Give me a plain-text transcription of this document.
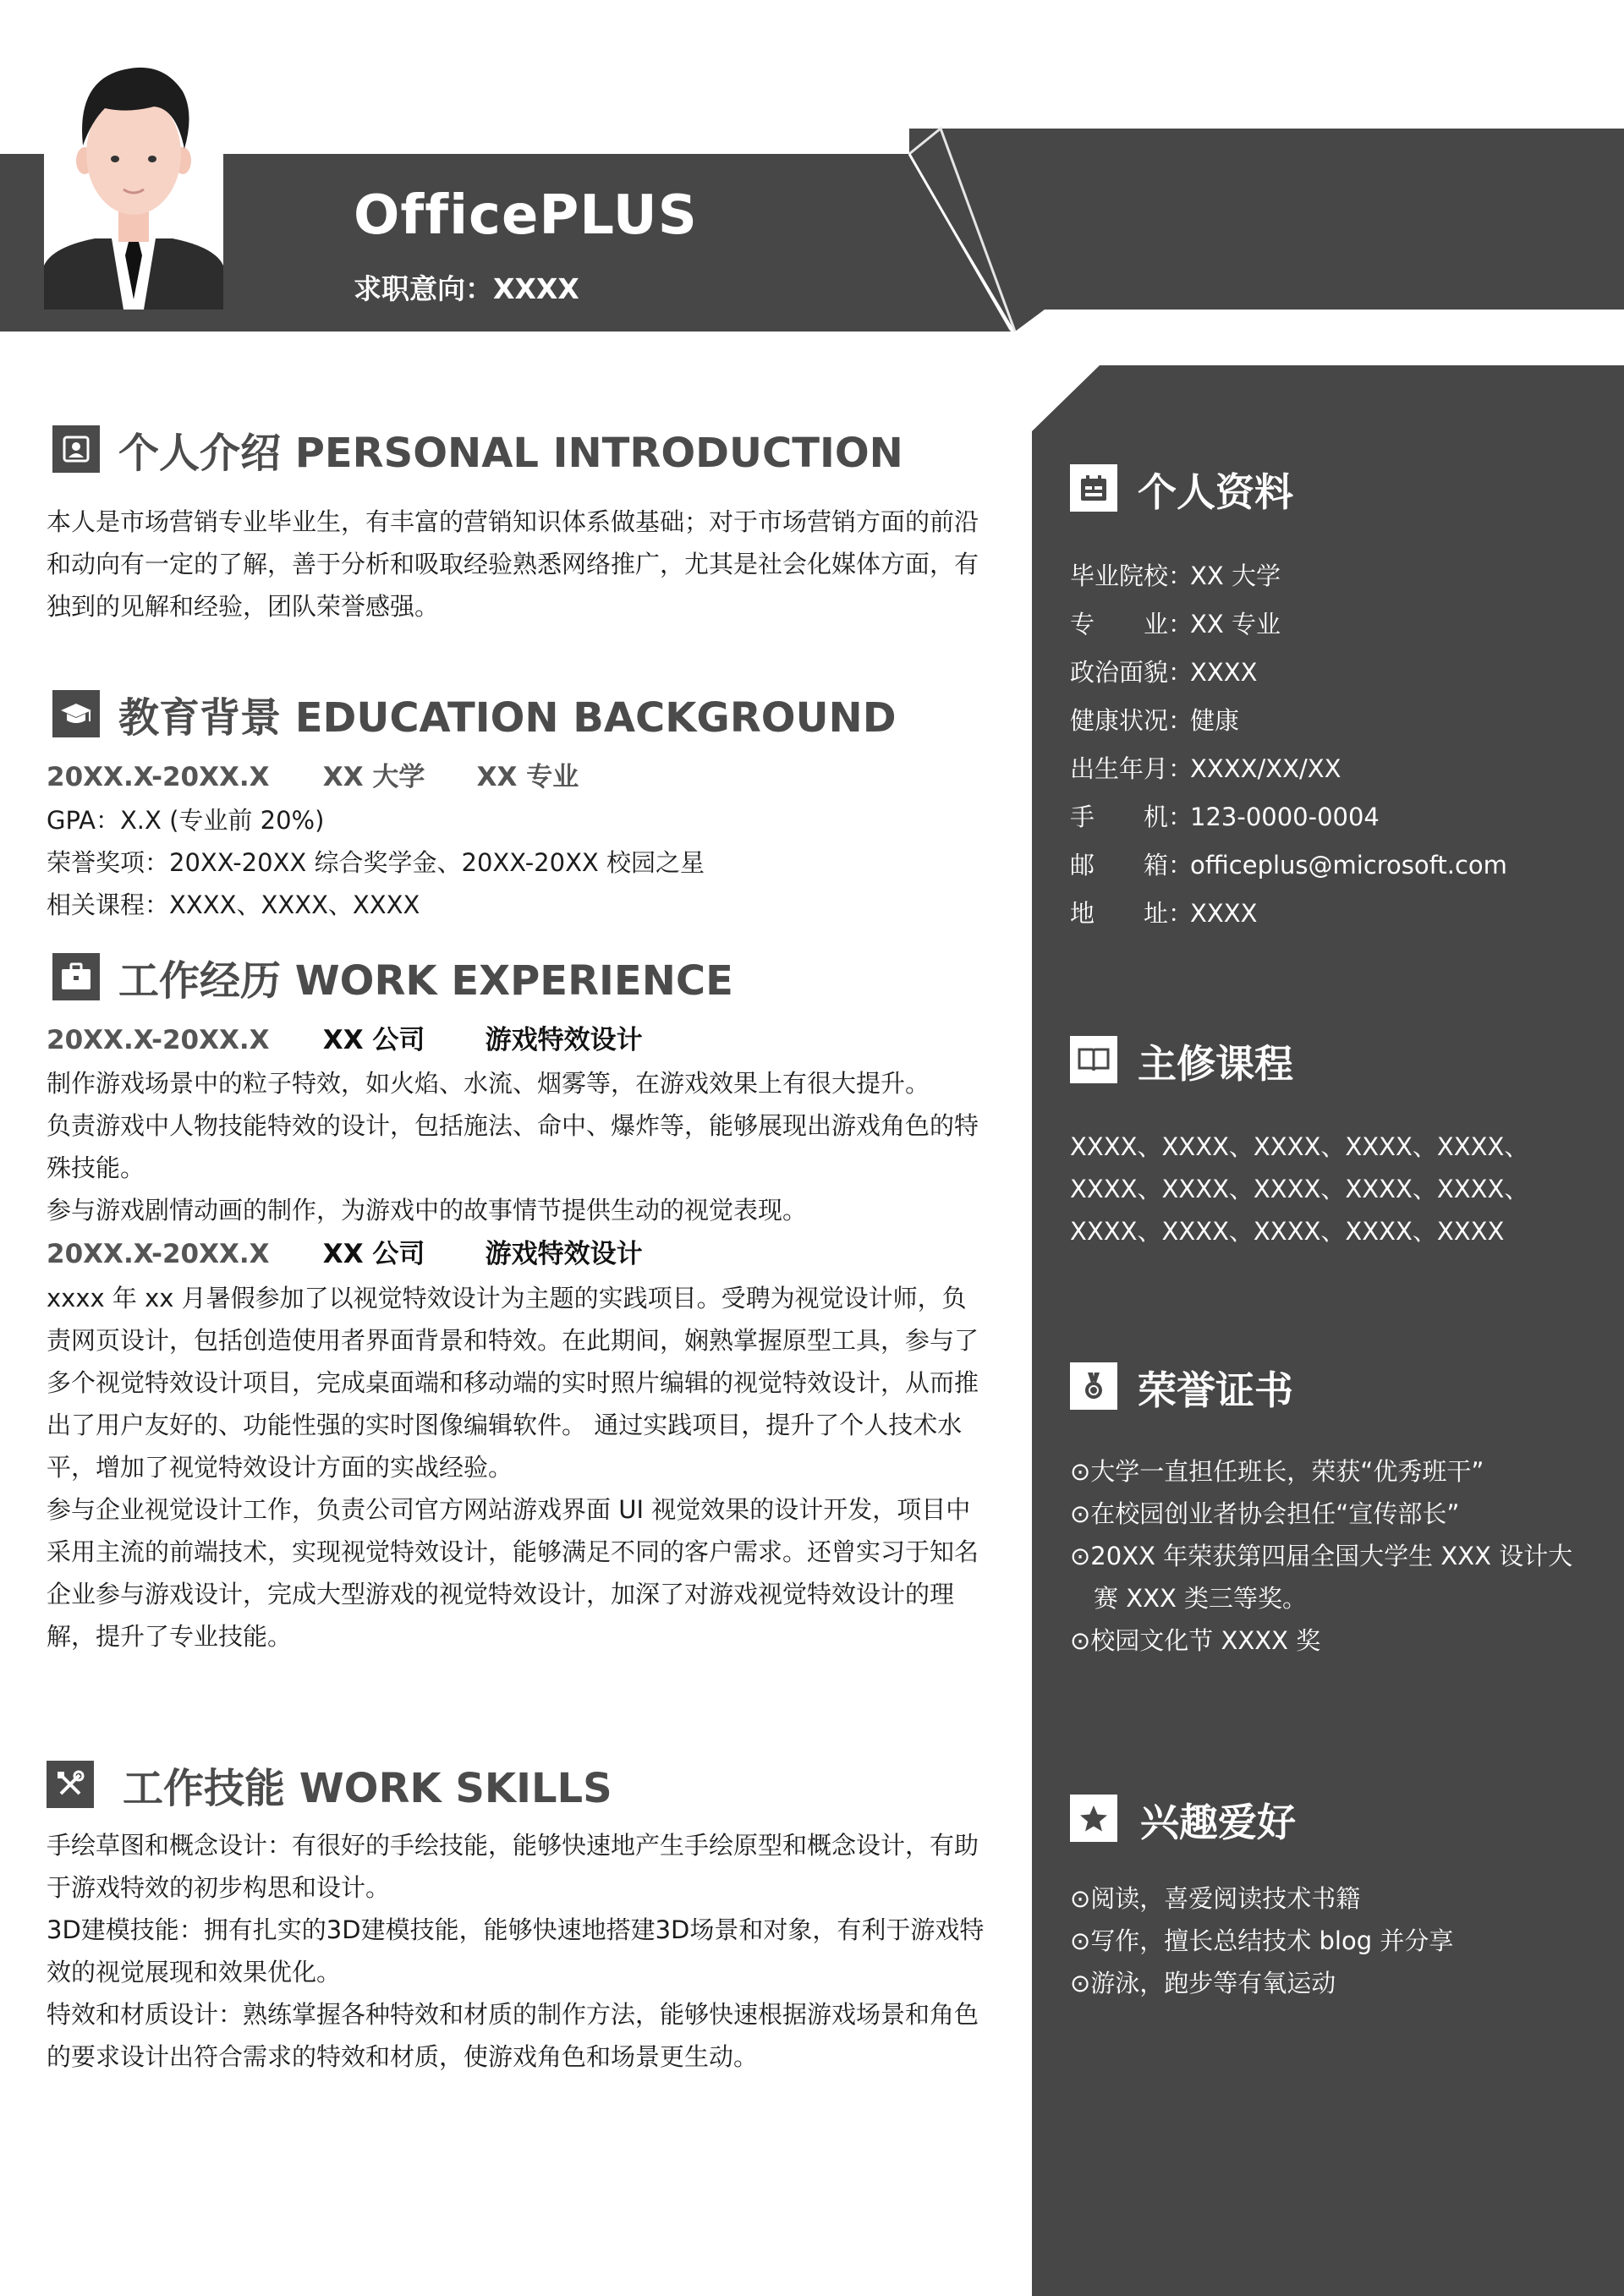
OfficePLUS
求职意向：XXXX
个人介绍 PERSONAL INTRODUCTION
本人是市场营销专业毕业生，有丰富的营销知识体系做基础；对于市场营销方面的前沿和动向有一定的了解，善于分析和吸取经验熟悉网络推广，尤其是社会化媒体方面，有独到的见解和经验，团队荣誉感强。
教育背景 EDUCATION BACKGROUND
20XX.X-20XX.X XX 大学 XX 专业
GPA：X.X (专业前 20%)
荣誉奖项：20XX-20XX 综合奖学金、20XX-20XX 校园之星
相关课程：XXXX、XXXX、XXXX
工作经历 WORK EXPERIENCE
20XX.X-20XX.X XX 公司 游戏特效设计

制作游戏场景中的粒子特效，如火焰、水流、烟雾等，在游戏效果上有很大提升。

负责游戏中人物技能特效的设计，包括施法、命中、爆炸等，能够展现出游戏角色的特殊技能。

参与游戏剧情动画的制作，为游戏中的故事情节提供生动的视觉表现。

20XX.X-20XX.X XX 公司 游戏特效设计

xxxx 年 xx 月暑假参加了以视觉特效设计为主题的实践项目。受聘为视觉设计师，负责网页设计，包括创造使用者界面背景和特效。在此期间，娴熟掌握原型工具，参与了多个视觉特效设计项目，完成桌面端和移动端的实时照片编辑的视觉特效设计，从而推出了用户友好的、功能性强的实时图像编辑软件。 通过实践项目，提升了个人技术水平，增加了视觉特效设计方面的实战经验。

参与企业视觉设计工作，负责公司官方网站游戏界面 UI 视觉效果的设计开发，项目中采用主流的前端技术，实现视觉特效设计，能够满足不同的客户需求。还曾实习于知名企业参与游戏设计，完成大型游戏的视觉特效设计，加深了对游戏视觉特效设计的理解，提升了专业技能。

工作技能 WORK SKILLS

手绘草图和概念设计：有很好的手绘技能，能够快速地产生手绘原型和概念设计，有助于游戏特效的初步构思和设计。

3D建模技能：拥有扎实的3D建模技能，能够快速地搭建3D场景和对象，有利于游戏特效的视觉展现和效果优化。

特效和材质设计：熟练掌握各种特效和材质的制作方法，能够快速根据游戏场景和角色的要求设计出符合需求的特效和材质，使游戏角色和场景更生动。

个人资料
毕业院校：XX 大学
专　　业：XX 专业
政治面貌：XXXX
健康状况：健康
出生年月：XXXX/XX/XX
手　　机：123-0000-0004
邮　　箱：officeplus@microsoft.com
地　　址：XXXX
主修课程
XXXX、XXXX、XXXX、XXXX、XXXX、XXXX、XXXX、XXXX、XXXX、XXXX、XXXX、XXXX、XXXX、XXXX、XXXX
荣誉证书

⊙大学一直担任班长，荣获“优秀班干”

⊙在校园创业者协会担任“宣传部长”

⊙20XX 年荣获第四届全国大学生 XXX 设计大赛 XXX 类三等奖。

⊙校园文化节 XXXX 奖

兴趣爱好

⊙阅读，喜爱阅读技术书籍

⊙写作，擅长总结技术 blog 并分享

⊙游泳，跑步等有氧运动
